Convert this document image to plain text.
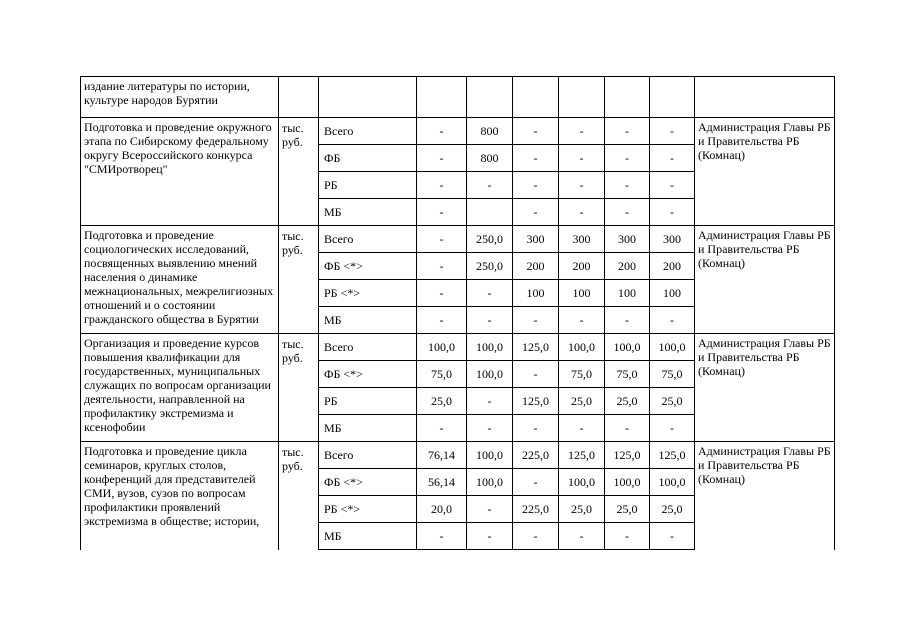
издание литературы по истории, культуре народов Бурятии									
Подготовка и проведение окружного этапа по Сибирскому федеральному округу Всероссийского конкурса "СМИротворец"	тыс. руб.	Всего	-	800	-	-	-	-	Администрация Главы РБ и Правительства РБ (Комнац)
		ФБ	-	800	-	-	-	-	
		РБ	-	-	-	-	-	-	
		МБ	-		-	-	-	-	
Подготовка и проведение социологических исследований, посвященных выявлению мнений населения о динамике межнациональных, межрелигиозных отношений и о состоянии гражданского общества в Бурятии	тыс. руб.	Всего	-	250,0	300	300	300	300	Администрация Главы РБ и Правительства РБ (Комнац)
		ФБ <*>	-	250,0	200	200	200	200	
		РБ <*>	-	-	100	100	100	100	
		МБ	-	-	-	-	-	-	
Организация и проведение курсов повышения квалификации для государственных, муниципальных служащих по вопросам организации деятельности, направленной на профилактику экстремизма и ксенофобии	тыс. руб.	Всего	100,0	100,0	125,0	100,0	100,0	100,0	Администрация Главы РБ и Правительства РБ (Комнац)
		ФБ <*>	75,0	100,0	-	75,0	75,0	75,0	
		РБ	25,0	-	125,0	25,0	25,0	25,0	
		МБ	-	-	-	-	-	-	
Подготовка и проведение цикла семинаров, круглых столов, конференций для представителей СМИ, вузов, сузов по вопросам профилактики проявлений экстремизма в обществе; истории,	тыс. руб.	Всего	76,14	100,0	225,0	125,0	125,0	125,0	Администрация Главы РБ и Правительства РБ (Комнац)
		ФБ <*>	56,14	100,0	-	100,0	100,0	100,0	
		РБ <*>	20,0	-	225,0	25,0	25,0	25,0	
		МБ	-	-	-	-	-	-	
